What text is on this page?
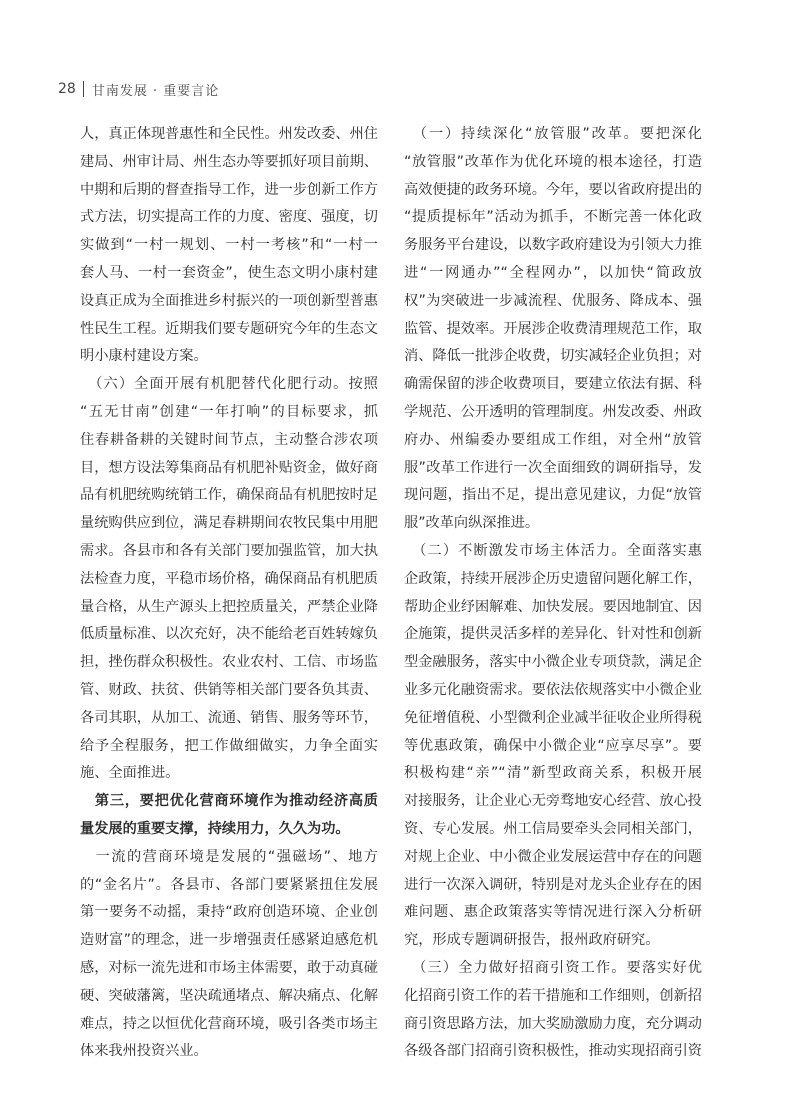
28 甘南发展 · 重要言论
人，真正体现普惠性和全民性。州发改委、州住
建局、州审计局、州生态办等要抓好项目前期、
中期和后期的督查指导工作，进一步创新工作方
式方法，切实提高工作的力度、密度、强度，切
实做到“一村一规划、一村一考核”和“一村一
套人马、一村一套资金”，使生态文明小康村建
设真正成为全面推进乡村振兴的一项创新型普惠
性民生工程。近期我们要专题研究今年的生态文
明小康村建设方案。
　（六）全面开展有机肥替代化肥行动。按照
“五无甘南”创建“一年打响”的目标要求，抓
住春耕备耕的关键时间节点，主动整合涉农项
目，想方设法筹集商品有机肥补贴资金，做好商
品有机肥统购统销工作，确保商品有机肥按时足
量统购供应到位，满足春耕期间农牧民集中用肥
需求。各县市和各有关部门要加强监管，加大执
法检查力度，平稳市场价格，确保商品有机肥质
量合格，从生产源头上把控质量关，严禁企业降
低质量标准、以次充好，决不能给老百姓转嫁负
担，挫伤群众积极性。农业农村、工信、市场监
管、财政、扶贫、供销等相关部门要各负其责、
各司其职，从加工、流通、销售、服务等环节，
给予全程服务，把工作做细做实，力争全面实
施、全面推进。
　第三，要把优化营商环境作为推动经济高质
量发展的重要支撑，持续用力，久久为功。
　一流的营商环境是发展的“强磁场”、地方
的“金名片”。各县市、各部门要紧紧扭住发展
第一要务不动摇，秉持“政府创造环境、企业创
造财富”的理念，进一步增强责任感紧迫感危机
感，对标一流先进和市场主体需要，敢于动真碰
硬、突破藩篱，坚决疏通堵点、解决痛点、化解
难点，持之以恒优化营商环境，吸引各类市场主
体来我州投资兴业。
　（一）持续深化“放管服”改革。要把深化
“放管服”改革作为优化环境的根本途径，打造
高效便捷的政务环境。今年，要以省政府提出的
“提质提标年”活动为抓手，不断完善一体化政
务服务平台建设，以数字政府建设为引领大力推
进“一网通办”“全程网办”，以加快“简政放
权”为突破进一步减流程、优服务、降成本、强
监管、提效率。开展涉企收费清理规范工作，取
消、降低一批涉企收费，切实减轻企业负担；对
确需保留的涉企收费项目，要建立依法有据、科
学规范、公开透明的管理制度。州发改委、州政
府办、州编委办要组成工作组，对全州“放管
服”改革工作进行一次全面细致的调研指导，发
现问题，指出不足，提出意见建议，力促“放管
服”改革向纵深推进。
　（二）不断激发市场主体活力。全面落实惠
企政策，持续开展涉企历史遗留问题化解工作，
帮助企业纾困解难、加快发展。要因地制宜、因
企施策，提供灵活多样的差异化、针对性和创新
型金融服务，落实中小微企业专项贷款，满足企
业多元化融资需求。要依法依规落实中小微企业
免征增值税、小型微利企业减半征收企业所得税
等优惠政策，确保中小微企业“应享尽享”。要
积极构建“亲”“清”新型政商关系，积极开展
对接服务，让企业心无旁骛地安心经营、放心投
资、专心发展。州工信局要牵头会同相关部门，
对规上企业、中小微企业发展运营中存在的问题
进行一次深入调研，特别是对龙头企业存在的困
难问题、惠企政策落实等情况进行深入分析研
究，形成专题调研报告，报州政府研究。
　（三）全力做好招商引资工作。要落实好优
化招商引资工作的若干措施和工作细则，创新招
商引资思路方法，加大奖励激励力度，充分调动
各级各部门招商引资积极性，推动实现招商引资
